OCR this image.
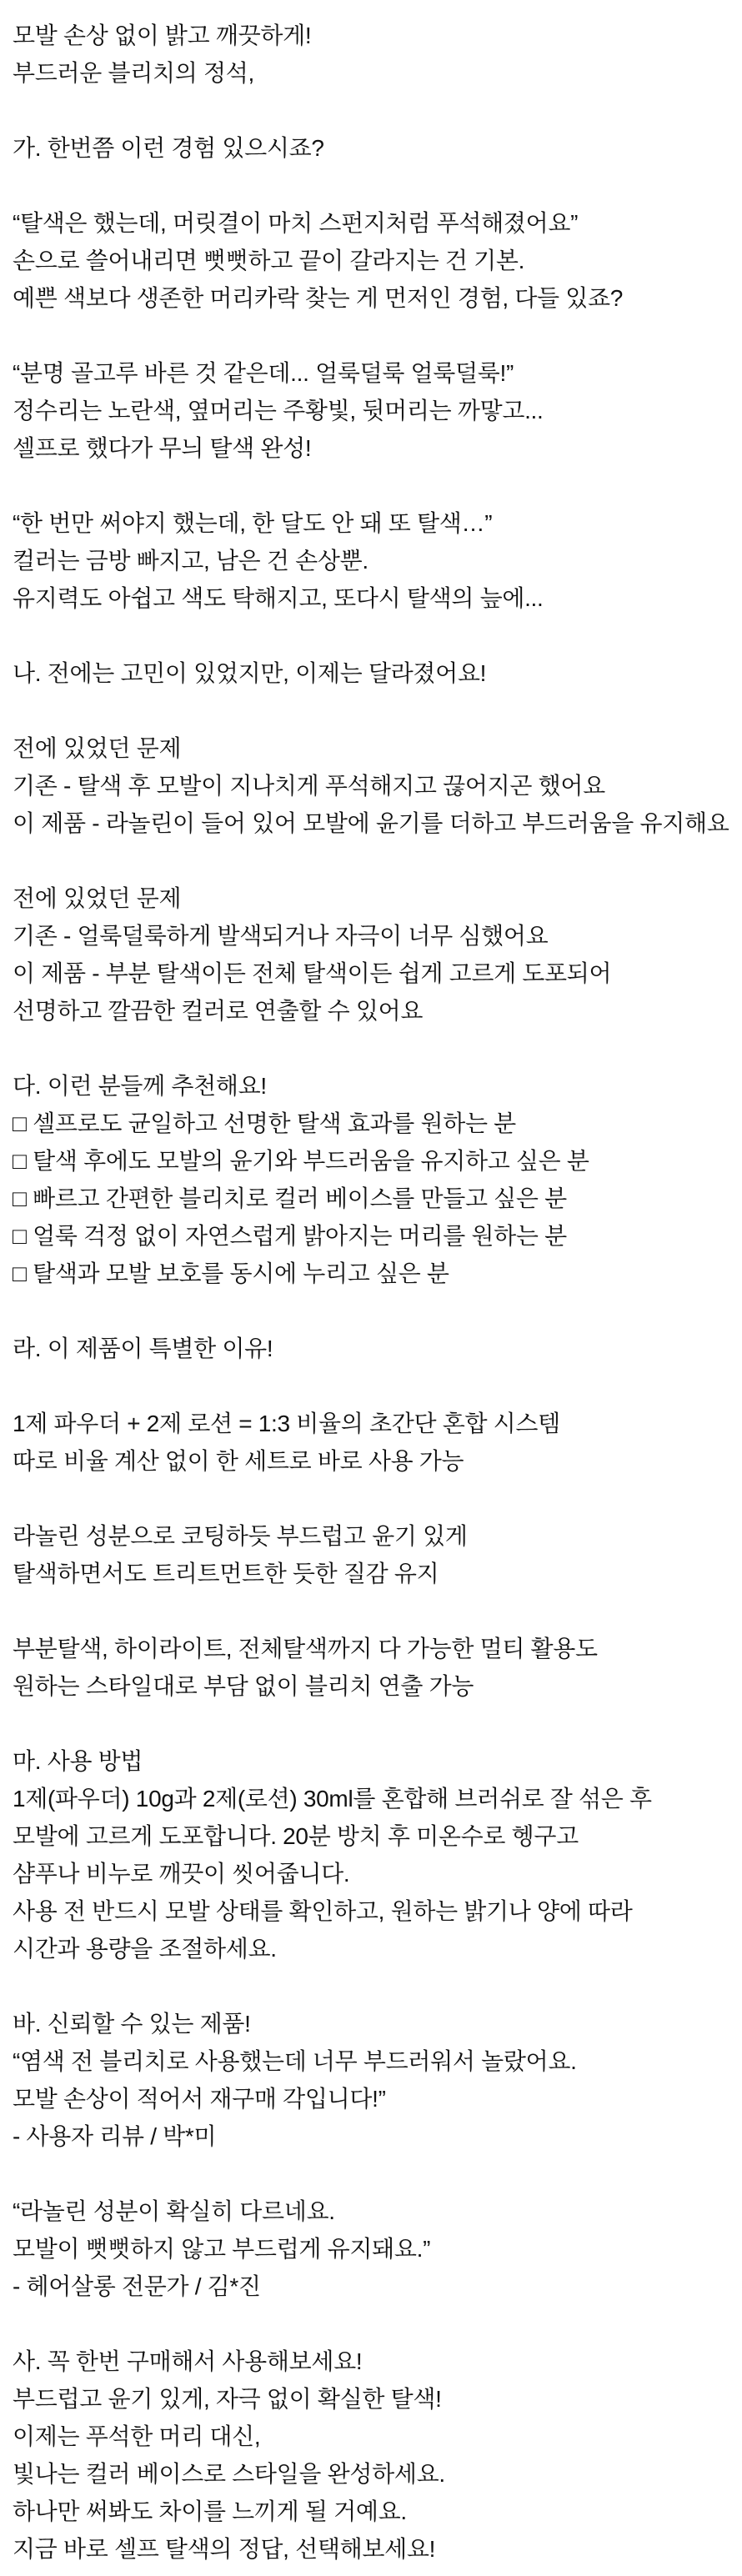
모발 손상 없이 밝고 깨끗하게!
부드러운 블리치의 정석,
가. 한번쯤 이런 경험 있으시죠?
“탈색은 했는데, 머릿결이 마치 스펀지처럼 푸석해졌어요”
손으로 쓸어내리면 뻣뻣하고 끝이 갈라지는 건 기본.
예쁜 색보다 생존한 머리카락 찾는 게 먼저인 경험, 다들 있죠?
“분명 골고루 바른 것 같은데... 얼룩덜룩 얼룩덜룩!”
정수리는 노란색, 옆머리는 주황빛, 뒷머리는 까맣고...
셀프로 했다가 무늬 탈색 완성!
“한 번만 써야지 했는데, 한 달도 안 돼 또 탈색…”
컬러는 금방 빠지고, 남은 건 손상뿐.
유지력도 아쉽고 색도 탁해지고, 또다시 탈색의 늪에...
나. 전에는 고민이 있었지만, 이제는 달라졌어요!
전에 있었던 문제
기존 - 탈색 후 모발이 지나치게 푸석해지고 끊어지곤 했어요
이 제품 - 라놀린이 들어 있어 모발에 윤기를 더하고 부드러움을 유지해요
전에 있었던 문제
기존 - 얼룩덜룩하게 발색되거나 자극이 너무 심했어요
이 제품 - 부분 탈색이든 전체 탈색이든 쉽게 고르게 도포되어
선명하고 깔끔한 컬러로 연출할 수 있어요
다. 이런 분들께 추천해요!
□ 셀프로도 균일하고 선명한 탈색 효과를 원하는 분
□ 탈색 후에도 모발의 윤기와 부드러움을 유지하고 싶은 분
□ 빠르고 간편한 블리치로 컬러 베이스를 만들고 싶은 분
□ 얼룩 걱정 없이 자연스럽게 밝아지는 머리를 원하는 분
□ 탈색과 모발 보호를 동시에 누리고 싶은 분
라. 이 제품이 특별한 이유!
1제 파우더 + 2제 로션 = 1:3 비율의 초간단 혼합 시스템
따로 비율 계산 없이 한 세트로 바로 사용 가능
라놀린 성분으로 코팅하듯 부드럽고 윤기 있게
탈색하면서도 트리트먼트한 듯한 질감 유지
부분탈색, 하이라이트, 전체탈색까지 다 가능한 멀티 활용도
원하는 스타일대로 부담 없이 블리치 연출 가능
마. 사용 방법
1제(파우더) 10g과 2제(로션) 30ml를 혼합해 브러쉬로 잘 섞은 후
모발에 고르게 도포합니다. 20분 방치 후 미온수로 헹구고
샴푸나 비누로 깨끗이 씻어줍니다.
사용 전 반드시 모발 상태를 확인하고, 원하는 밝기나 양에 따라
시간과 용량을 조절하세요.
바. 신뢰할 수 있는 제품!
“염색 전 블리치로 사용했는데 너무 부드러워서 놀랐어요.
모발 손상이 적어서 재구매 각입니다!”
- 사용자 리뷰 / 박*미
“라놀린 성분이 확실히 다르네요.
모발이 뻣뻣하지 않고 부드럽게 유지돼요.”
- 헤어살롱 전문가 / 김*진
사. 꼭 한번 구매해서 사용해보세요!
부드럽고 윤기 있게, 자극 없이 확실한 탈색!
이제는 푸석한 머리 대신,
빛나는 컬러 베이스로 스타일을 완성하세요.
하나만 써봐도 차이를 느끼게 될 거예요.
지금 바로 셀프 탈색의 정답, 선택해보세요!
